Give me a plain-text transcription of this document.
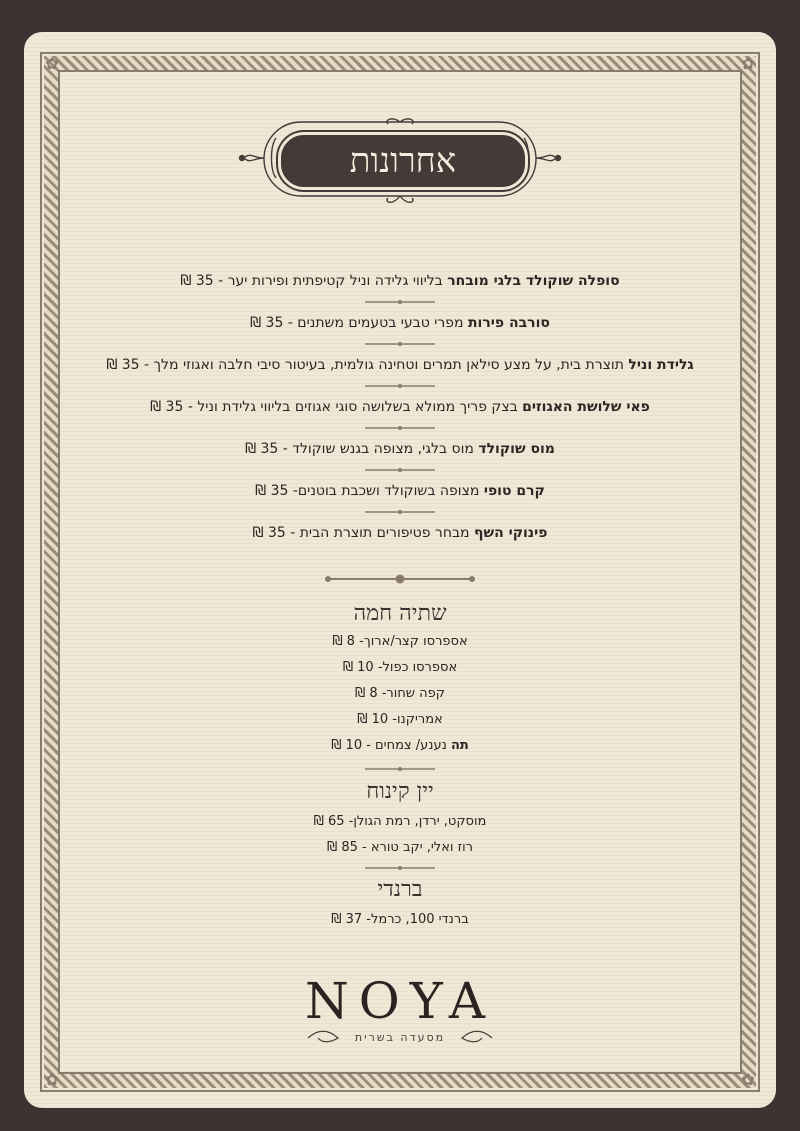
✿	✿
✿	✿
אחרונות

סופלה שוקולד בלגי מובחר בליווי גלידה וניל קטיפתית ופירות יער - 35 ₪

סורבה פירות מפרי טבעי בטעמים משתנים - 35 ₪

גלידת וניל תוצרת בית, על מצע סילאן תמרים וטחינה גולמית, בעיטור סיבי חלבה ואגוזי מלך - 35 ₪

פאי שלושת האגוזים בצק פריך ממולא בשלושה סוגי אגוזים בליווי גלידת וניל - 35 ₪

מוס שוקולד מוס בלגי, מצופה בגנש שוקולד - 35 ₪

קרם טופי מצופה בשוקולד ושכבת בוטנים- 35 ₪

פינוקי השף מבחר פטיפורים תוצרת הבית - 35 ₪

שתיה חמה

אספרסו קצר/ארוך- 8 ₪

אספרסו כפול- 10 ₪

קפה שחור- 8 ₪

אמריקנו- 10 ₪

תה נענע/ צמחים - 10 ₪

יין קינוח

מוסקט, ירדן, רמת הגולן- 65 ₪

רוז ואלי, יקב טורא - 85 ₪

ברנדי

ברנדי 100, כרמל- 37 ₪

NOYA
מסעדה בשרית
